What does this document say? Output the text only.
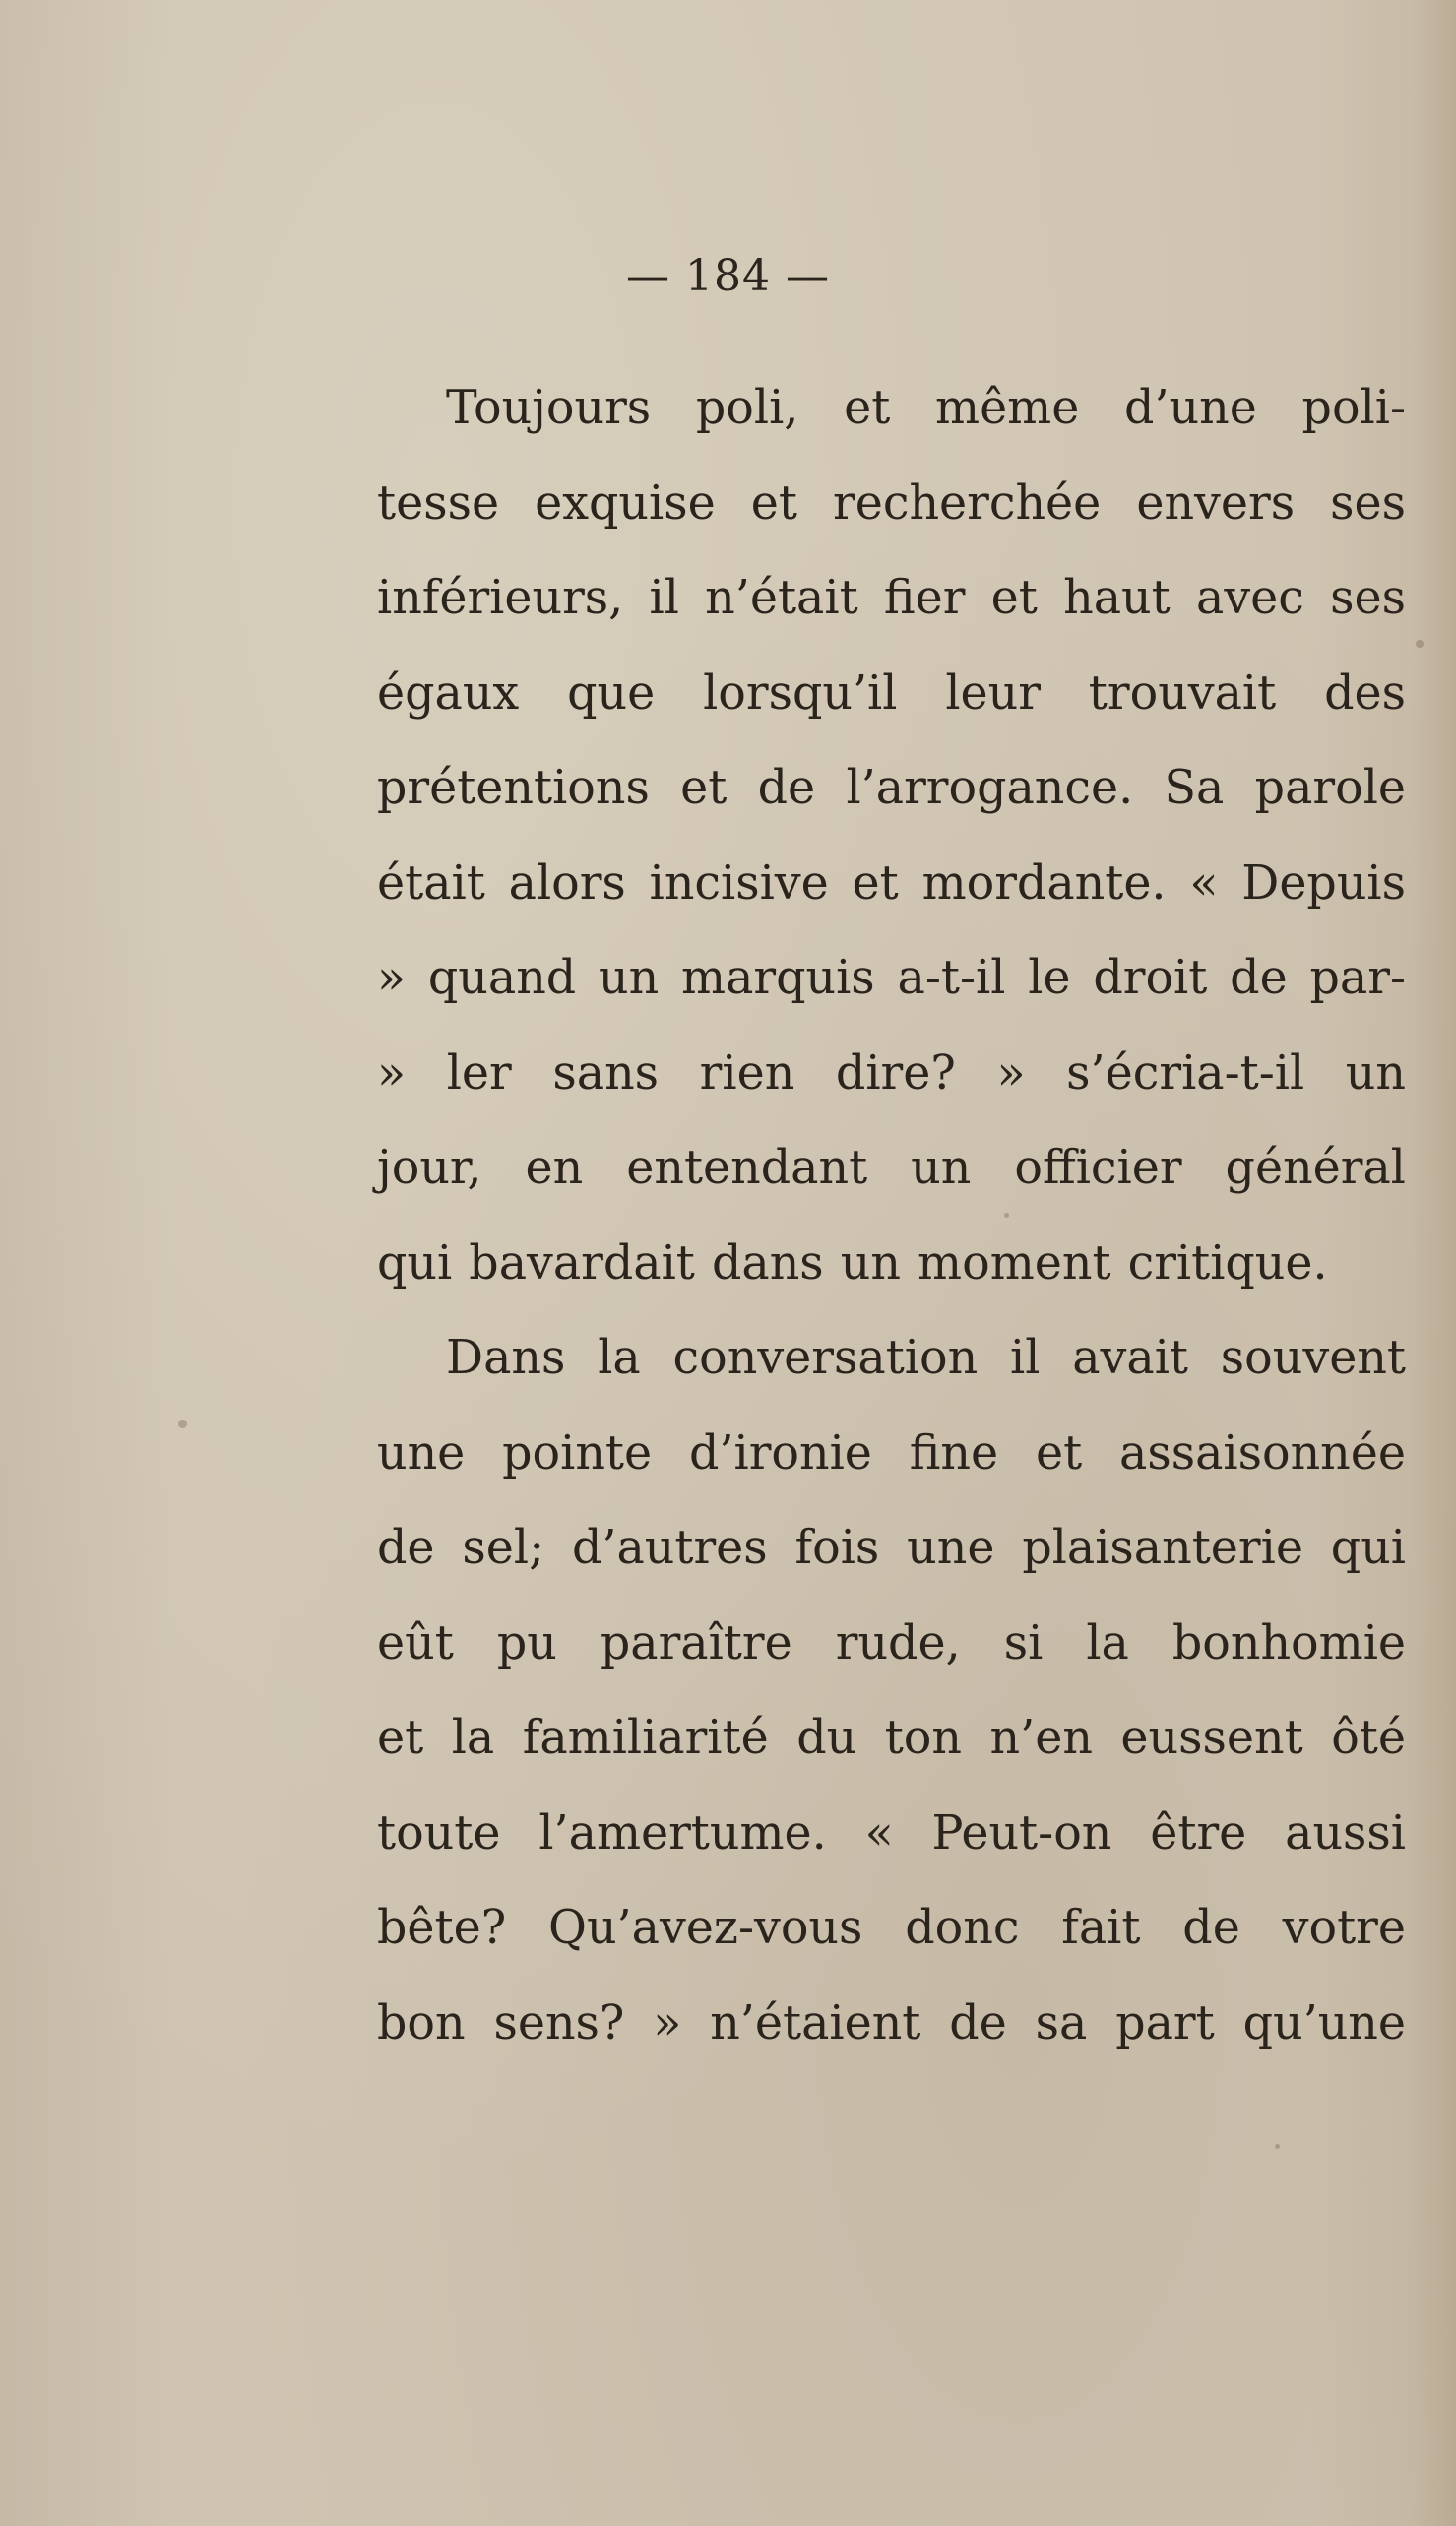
— 184 —
Toujours poli, et même d’une poli-
tesse exquise et recherchée envers ses
inférieurs, il n’était fier et haut avec ses
égaux que lorsqu’il leur trouvait des
prétentions et de l’arrogance. Sa parole
était alors incisive et mordante. « Depuis
» quand un marquis a-t-il le droit de par-
» ler sans rien dire? » s’écria-t-il un
jour, en entendant un officier général
qui bavardait dans un moment critique.
Dans la conversation il avait souvent
une pointe d’ironie fine et assaisonnée
de sel; d’autres fois une plaisanterie qui
eût pu paraître rude, si la bonhomie
et la familiarité du ton n’en eussent ôté
toute l’amertume. « Peut-on être aussi
bête? Qu’avez-vous donc fait de votre
bon sens? » n’étaient de sa part qu’une
